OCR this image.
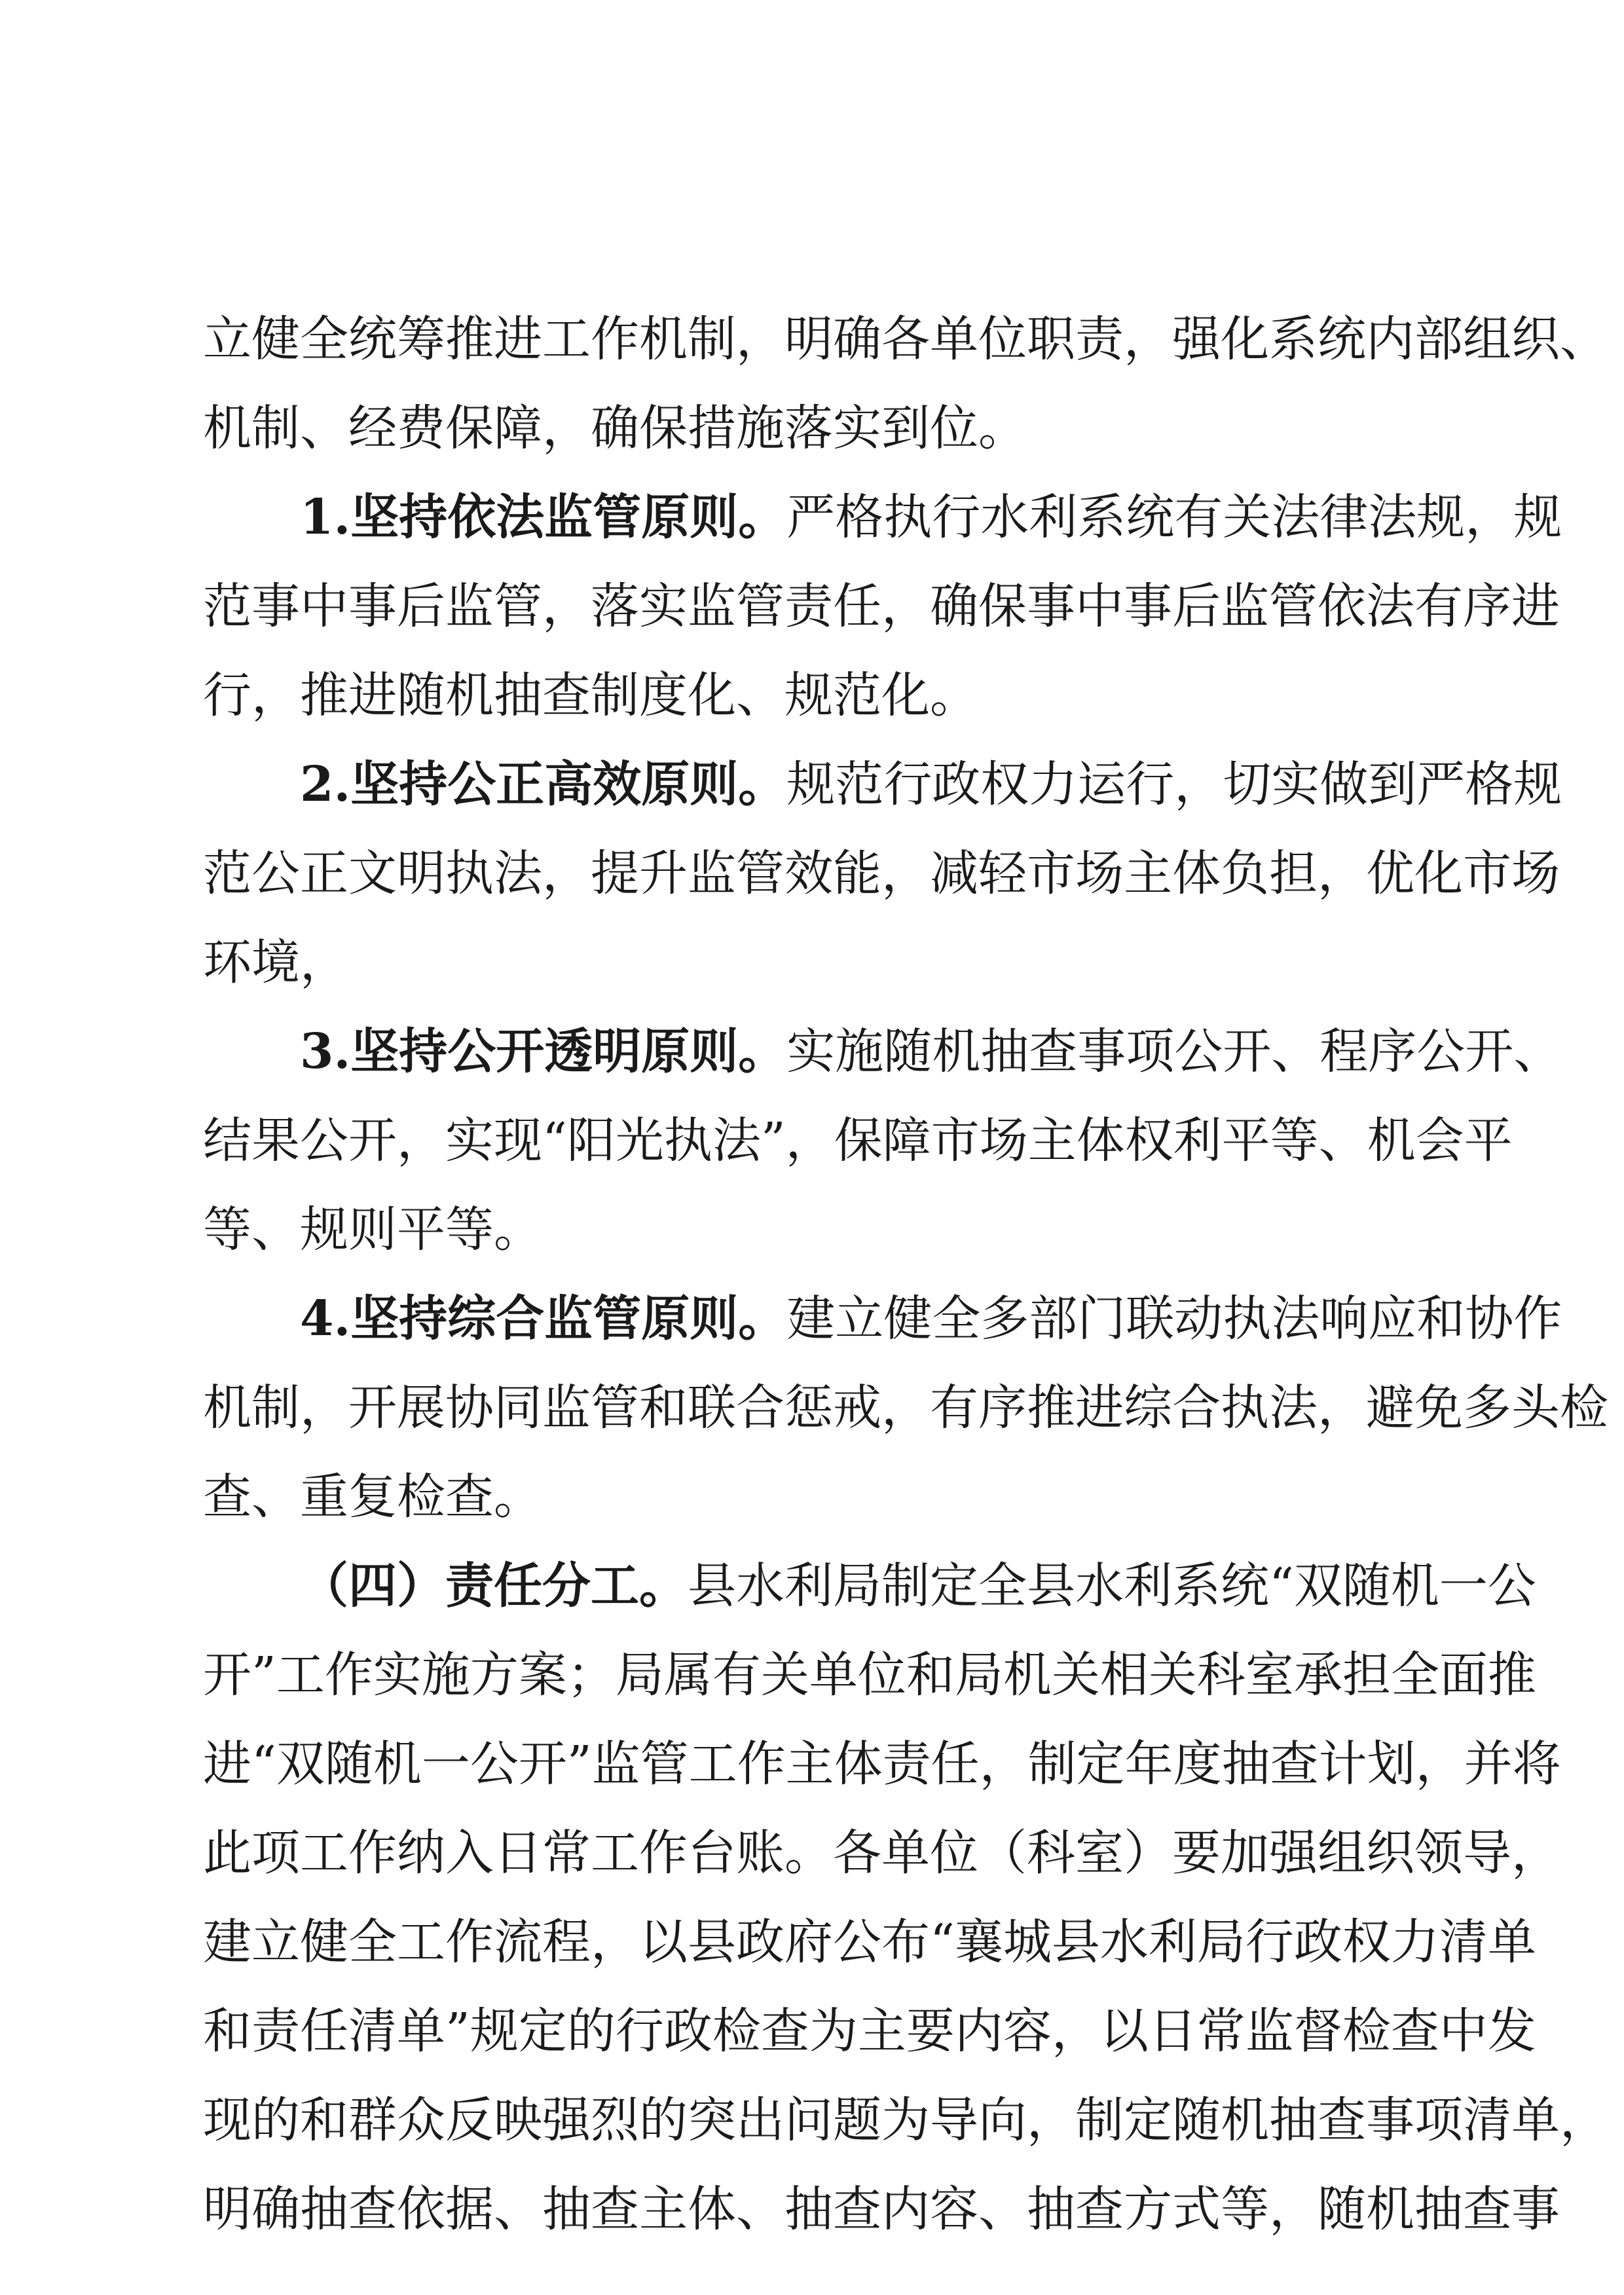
立健全统筹推进工作机制，明确各单位职责，强化系统内部组织、
机制、经费保障，确保措施落实到位。
1.坚持依法监管原则。严格执行水利系统有关法律法规，规
范事中事后监管，落实监管责任，确保事中事后监管依法有序进
行，推进随机抽查制度化、规范化。
2.坚持公正高效原则。规范行政权力运行，切实做到严格规
范公正文明执法，提升监管效能，减轻市场主体负担，优化市场
环境，
3.坚持公开透明原则。实施随机抽查事项公开、程序公开、
结果公开，实现“阳光执法”，保障市场主体权利平等、机会平
等、规则平等。
4.坚持综合监管原则。建立健全多部门联动执法响应和协作
机制，开展协同监管和联合惩戒，有序推进综合执法，避免多头检
查、重复检查。
（四）责任分工。县水利局制定全县水利系统“双随机一公
开”工作实施方案；局属有关单位和局机关相关科室承担全面推
进“双随机一公开”监管工作主体责任，制定年度抽查计划，并将
此项工作纳入日常工作台账。各单位（科室）要加强组织领导，
建立健全工作流程，以县政府公布“襄城县水利局行政权力清单
和责任清单”规定的行政检查为主要内容，以日常监督检查中发
现的和群众反映强烈的突出问题为导向，制定随机抽查事项清单，
明确抽查依据、抽查主体、抽查内容、抽查方式等，随机抽查事
